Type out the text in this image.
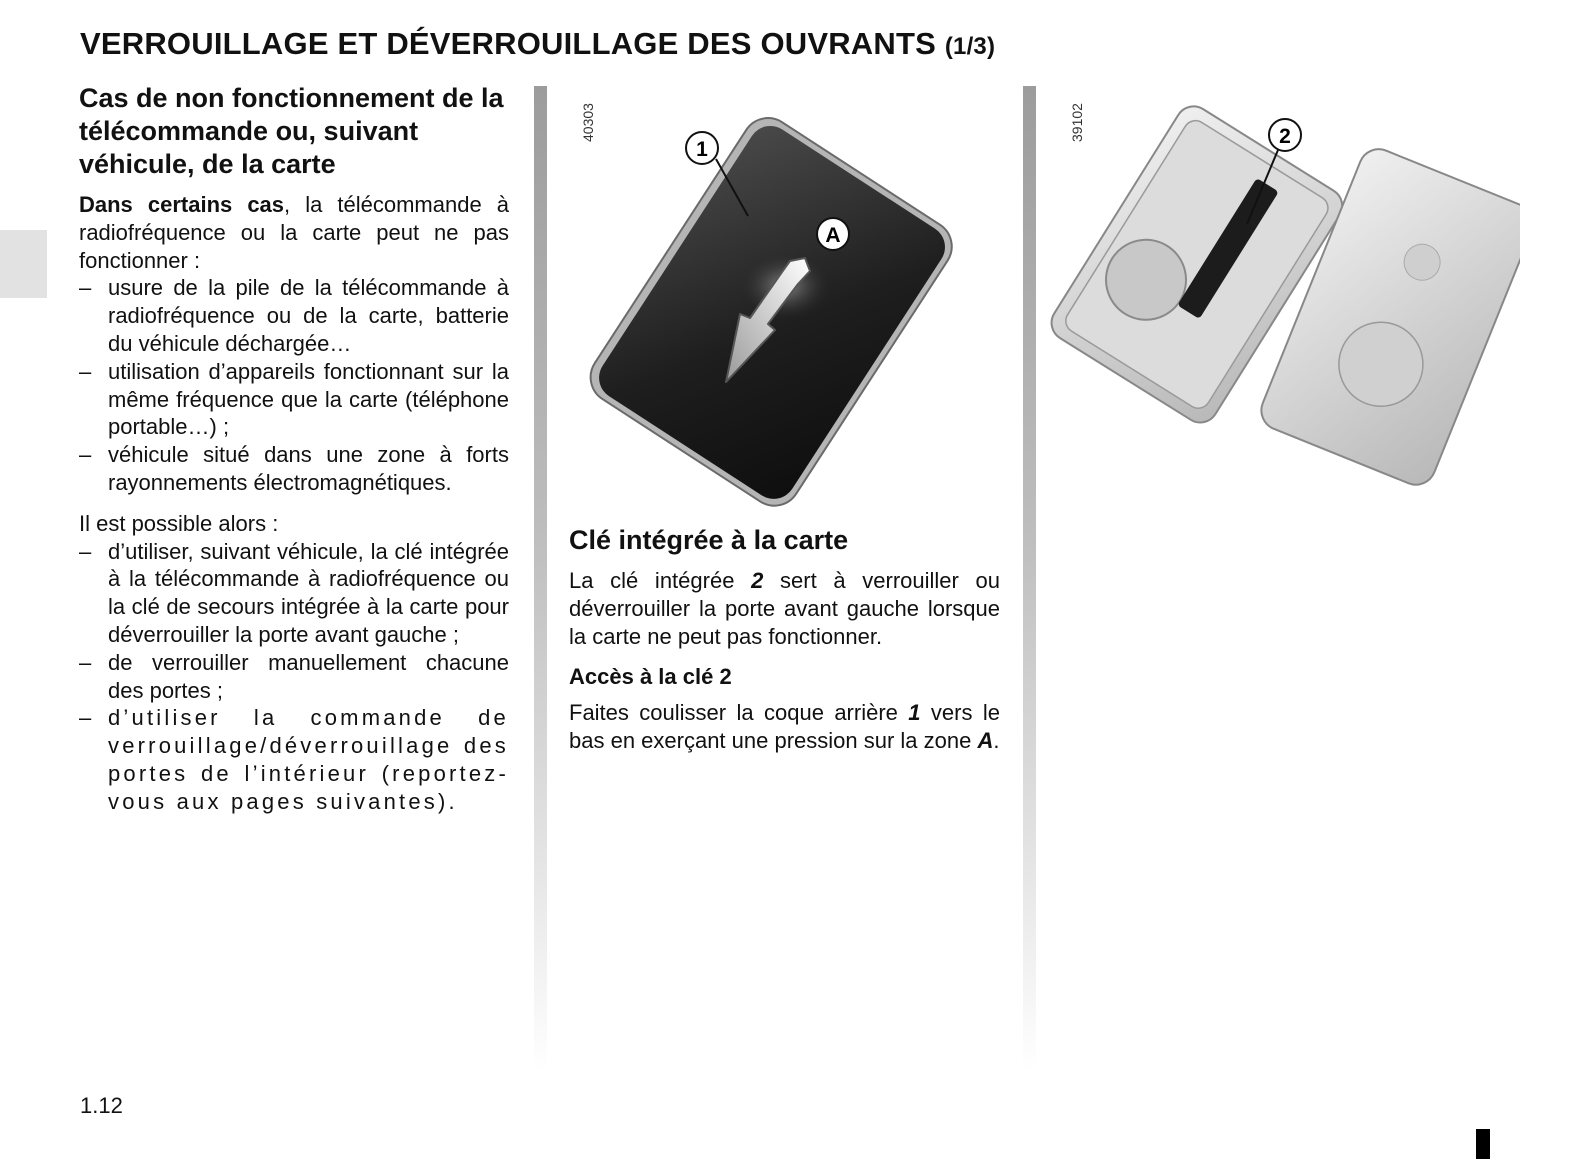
VERROUILLAGE ET DÉVERROUILLAGE DES OUVRANTS (1/3)
Cas de non fonctionnement de la télécommande ou, suivant véhicule, de la carte

Dans certains cas, la télécommande à radiofréquence ou la carte peut ne pas fonctionner :

– usure de la pile de la télécommande à radiofréquence ou de la carte, batterie du véhicule déchargée…
– utilisation d’appareils fonctionnant sur la même fréquence que la carte (téléphone portable…) ;
– véhicule situé dans une zone à forts rayonnements électromagnétiques.

Il est possible alors :

– d’utiliser, suivant véhicule, la clé intégrée à la télécommande à radiofréquence ou la clé de secours intégrée à la carte pour déverrouiller la porte avant gauche ;
– de verrouiller manuellement chacune des portes ;
– d’utiliser la commande de verrouillage/déverrouillage des portes de l’intérieur (reportez-vous aux pages suivantes).
40303
1
A
39102	2
Clé intégrée à la carte

La clé intégrée 2 sert à verrouiller ou déverrouiller la porte avant gauche lorsque la carte ne peut pas fonctionner.

Accès à la clé 2

Faites coulisser la coque arrière 1 vers le bas en exerçant une pression sur la zone A.

1.12
